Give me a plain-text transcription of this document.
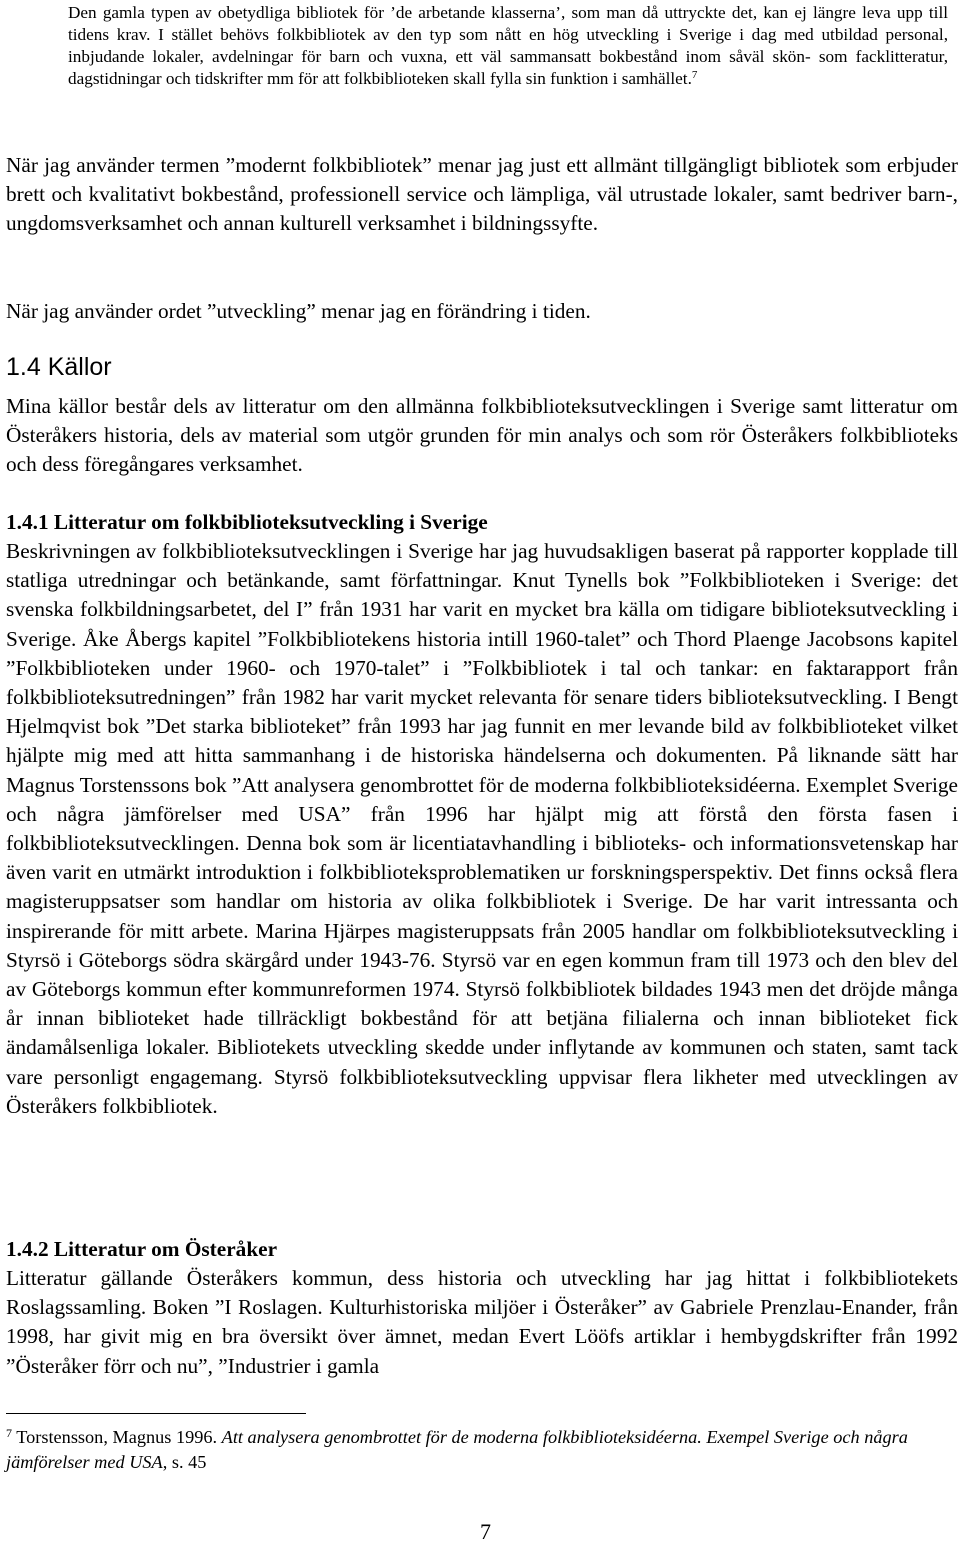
Den gamla typen av obetydliga bibliotek för ’de arbetande klasserna’, som man då uttryckte det, kan ej längre leva upp till tidens krav. I stället behövs folkbibliotek av den typ som nått en hög utveckling i Sverige i dag med utbildad personal, inbjudande lokaler, avdelningar för barn och vuxna, ett väl sammansatt bokbestånd inom såväl skön- som facklitteratur, dagstidningar och tidskrifter mm för att folkbiblioteken skall fylla sin funktion i samhället.$^7$
När jag använder termen ”modernt folkbibliotek” menar jag just ett allmänt tillgängligt bibliotek som erbjuder brett och kvalitativt bokbestånd, professionell service och lämpliga, väl utrustade lokaler, samt bedriver barn-, ungdomsverksamhet och annan kulturell verksamhet i bildningssyfte.
När jag använder ordet ”utveckling” menar jag en förändring i tiden.
1.4 Källor
Mina källor består dels av litteratur om den allmänna folkbiblioteksutvecklingen i Sverige samt litteratur om Österåkers historia, dels av material som utgör grunden för min analys och som rör Österåkers folkbiblioteks och dess föregångares verksamhet.
1.4.1 Litteratur om folkbiblioteksutveckling i Sverige
Beskrivningen av folkbiblioteksutvecklingen i Sverige har jag huvudsakligen baserat på rapporter kopplade till statliga utredningar och betänkande, samt författningar. Knut Tynells bok ”Folkbiblioteken i Sverige: det svenska folkbildningsarbetet, del I” från 1931 har varit en mycket bra källa om tidigare biblioteksutveckling i Sverige. Åke Åbergs kapitel ”Folkbibliotekens historia intill 1960-talet” och Thord Plaenge Jacobsons kapitel ”Folkbiblioteken under 1960- och 1970-talet” i ”Folkbibliotek i tal och tankar: en faktarapport från folkbiblioteksutredningen” från 1982 har varit mycket relevanta för senare tiders biblioteksutveckling. I Bengt Hjelmqvist bok ”Det starka biblioteket” från 1993 har jag funnit en mer levande bild av folkbiblioteket vilket hjälpte mig med att hitta sammanhang i de historiska händelserna och dokumenten. På liknande sätt har Magnus Torstenssons bok ”Att analysera genombrottet för de moderna folkbiblioteksidéerna. Exemplet Sverige och några jämförelser med USA” från 1996 har hjälpt mig att förstå den första fasen i folkbiblioteksutvecklingen. Denna bok som är licentiatavhandling i biblioteks- och informationsvetenskap har även varit en utmärkt introduktion i folkbiblioteksproblematiken ur forskningsperspektiv. Det finns också flera magisteruppsatser som handlar om historia av olika folkbibliotek i Sverige. De har varit intressanta och inspirerande för mitt arbete. Marina Hjärpes magisteruppsats från 2005 handlar om folkbiblioteksutveckling i Styrsö i Göteborgs södra skärgård under 1943-76. Styrsö var en egen kommun fram till 1973 och den blev del av Göteborgs kommun efter kommunreformen 1974. Styrsö folkbibliotek bildades 1943 men det dröjde många år innan biblioteket hade tillräckligt bokbestånd för att betjäna filialerna och innan biblioteket fick ändamålsenliga lokaler. Bibliotekets utveckling skedde under inflytande av kommunen och staten, samt tack vare personligt engagemang. Styrsö folkbiblioteksutveckling uppvisar flera likheter med utvecklingen av Österåkers folkbibliotek.
1.4.2 Litteratur om Österåker
Litteratur gällande Österåkers kommun, dess historia och utveckling har jag hittat i folkbibliotekets Roslagssamling. Boken ”I Roslagen. Kulturhistoriska miljöer i Österåker” av Gabriele Prenzlau-Enander, från 1998, har givit mig en bra översikt över ämnet, medan Evert Lööfs artiklar i hembygdskrifter från 1992 ”Österåker förr och nu”, ”Industrier i gamla
$^7$ Torstensson, Magnus 1996. Att analysera genombrottet för de moderna folkbiblioteksidéerna. Exempel Sverige och några jämförelser med USA, s. 45
7
